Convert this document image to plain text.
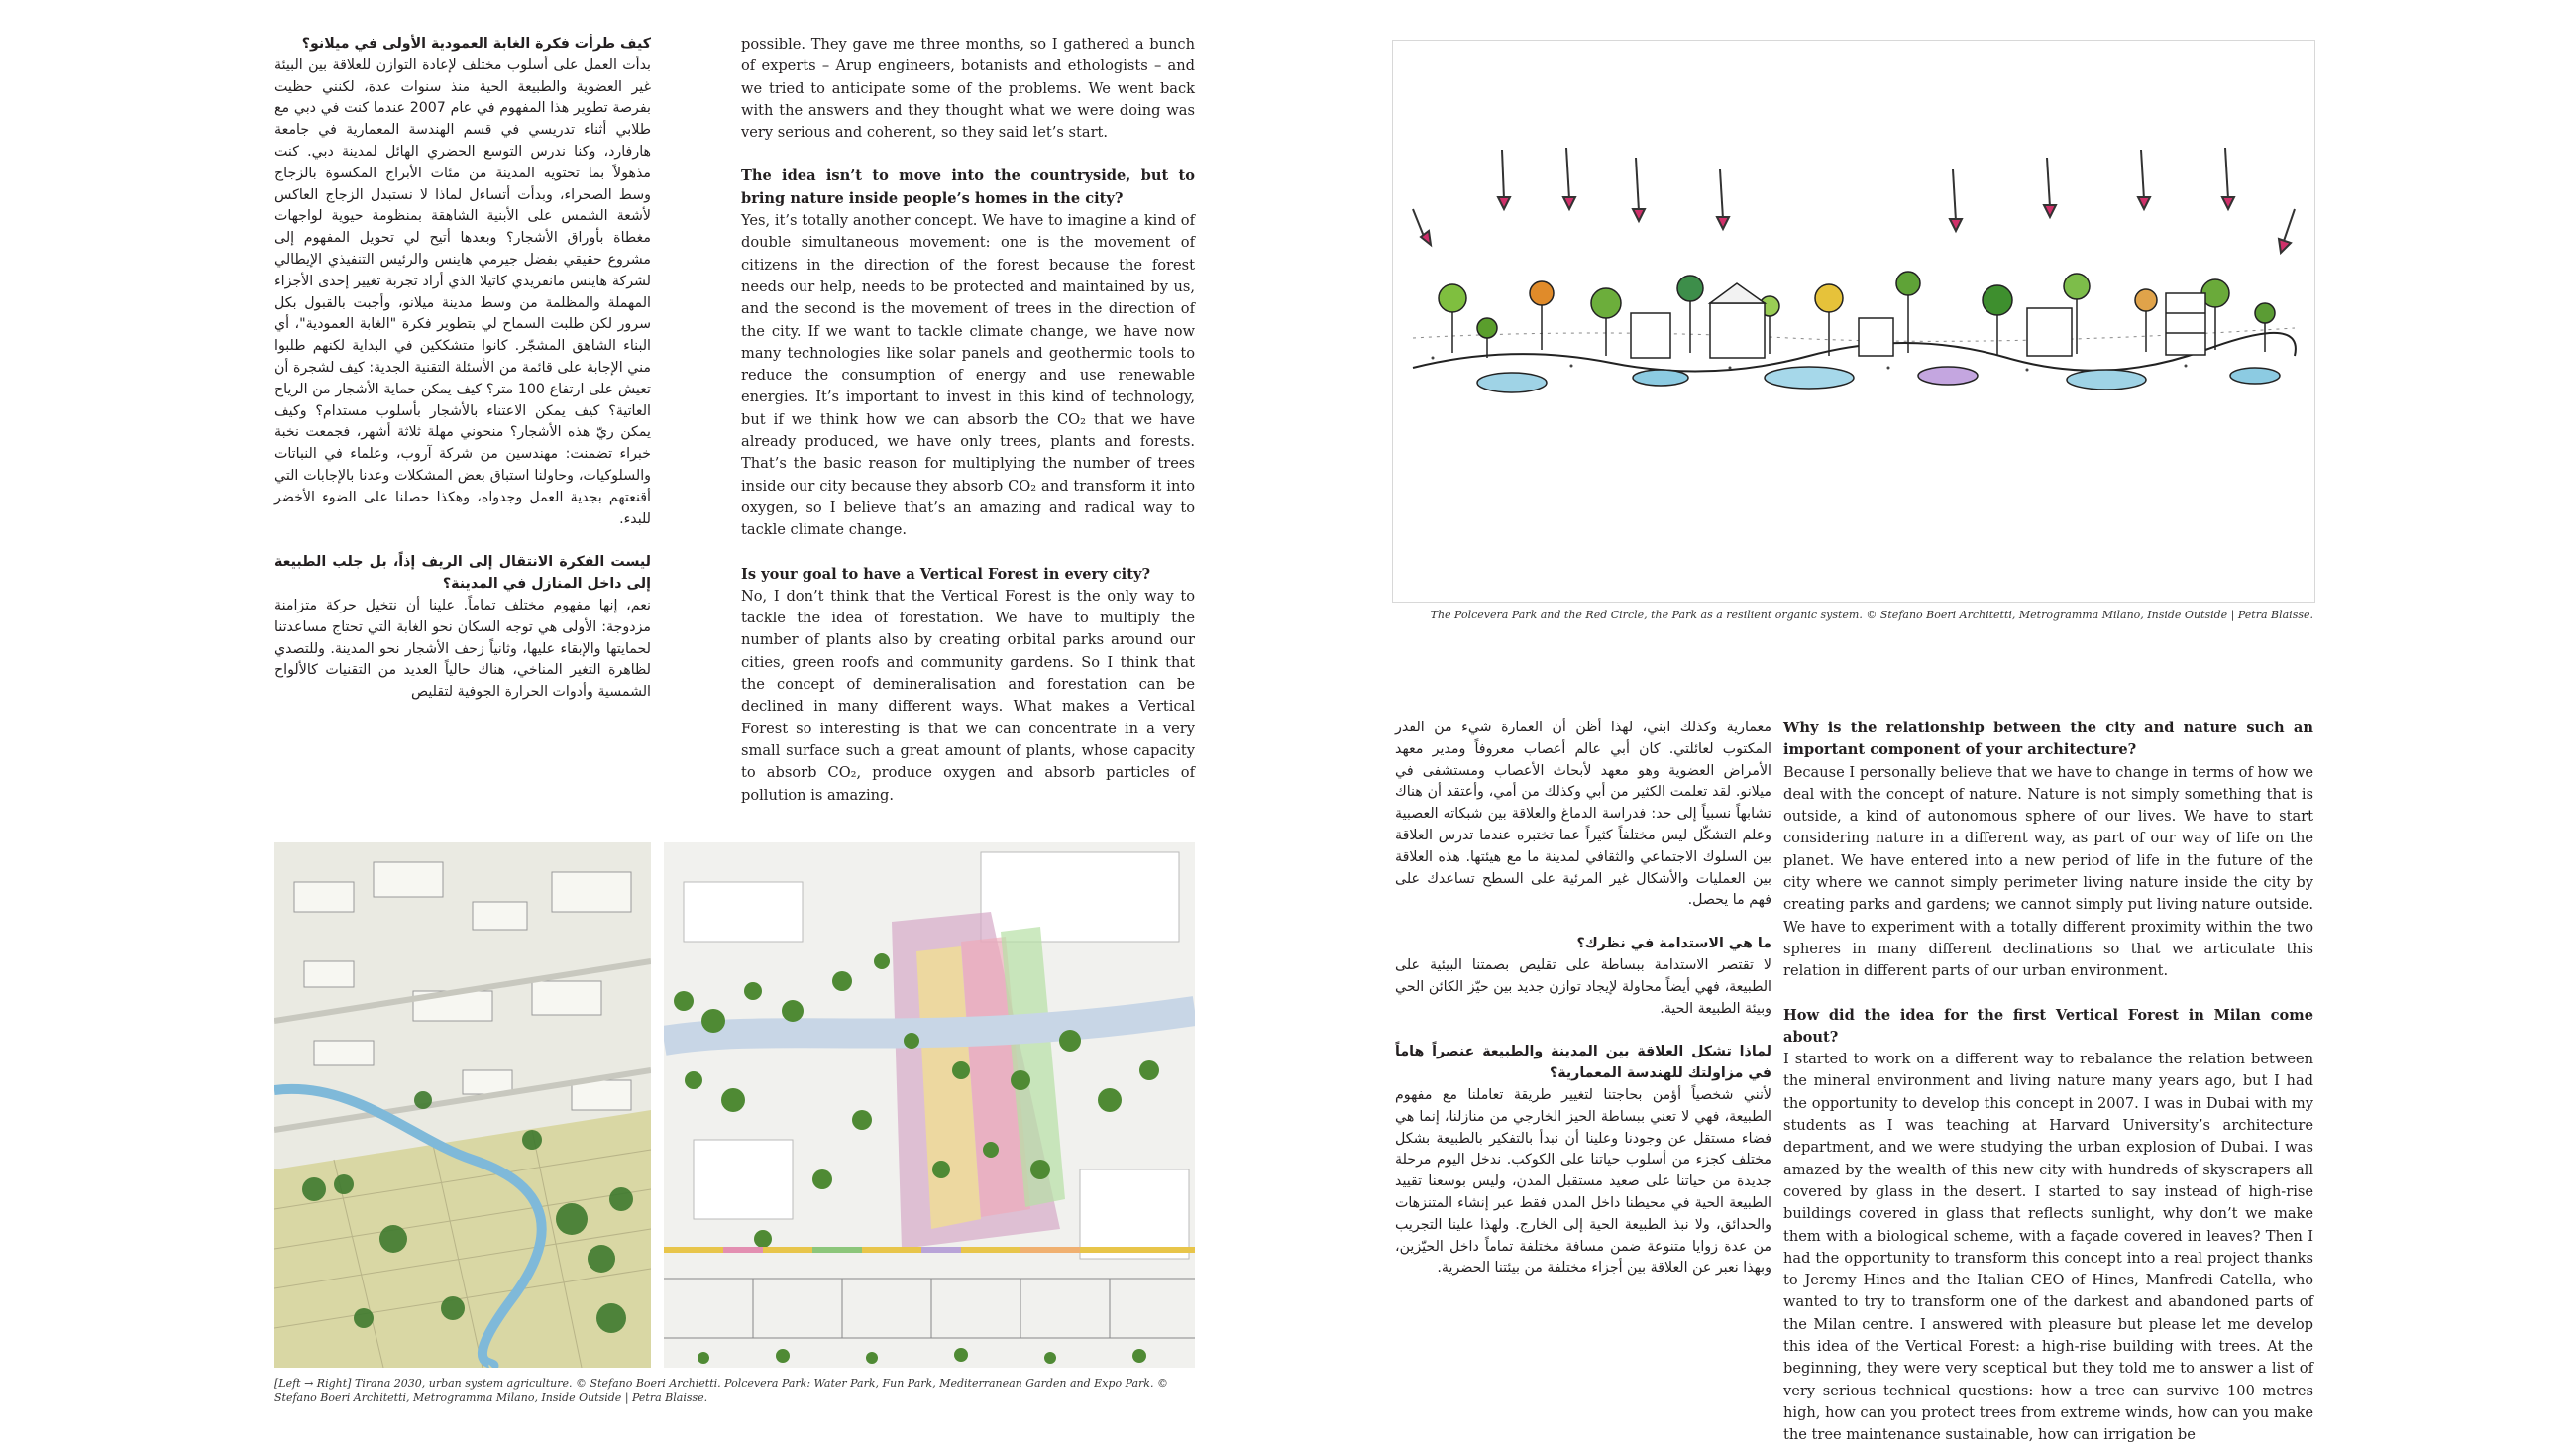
كيف طرأت فكرة الغابة العمودية الأولى في ميلانو؟

بدأت العمل على أسلوب مختلف لإعادة التوازن للعلاقة بين البيئة غير العضوية والطبيعة الحية منذ سنوات عدة، لكنني حظيت بفرصة تطوير هذا المفهوم في عام 2007 عندما كنت في دبي مع طلابي أثناء تدريسي في قسم الهندسة المعمارية في جامعة هارفارد، وكنا ندرس التوسع الحضري الهائل لمدينة دبي. كنت مذهولاً بما تحتويه المدينة من مئات الأبراج المكسوة بالزجاج وسط الصحراء، وبدأت أتساءل لماذا لا نستبدل الزجاج العاكس لأشعة الشمس على الأبنية الشاهقة بمنظومة حيوية لواجهات مغطاة بأوراق الأشجار؟ وبعدها أتيح لي تحويل المفهوم إلى مشروع حقيقي بفضل جيرمي هاينس والرئيس التنفيذي الإيطالي لشركة هاينس مانفريدي كاتيلا الذي أراد تجربة تغيير إحدى الأجزاء المهملة والمظلمة من وسط مدينة ميلانو، وأجبت بالقبول بكل سرور لكن طلبت السماح لي بتطوير فكرة "الغابة العمودية"، أي البناء الشاهق المشجّر. كانوا متشككين في البداية لكنهم طلبوا مني الإجابة على قائمة من الأسئلة التقنية الجدية: كيف لشجرة أن تعيش على ارتفاع 100 متر؟ كيف يمكن حماية الأشجار من الرياح العاتية؟ كيف يمكن الاعتناء بالأشجار بأسلوب مستدام؟ وكيف يمكن ريّ هذه الأشجار؟ منحوني مهلة ثلاثة أشهر، فجمعت نخبة خبراء تضمنت: مهندسين من شركة آروب، وعلماء في النباتات والسلوكيات، وحاولنا استباق بعض المشكلات وعدنا بالإجابات التي أقنعتهم بجدية العمل وجدواه، وهكذا حصلنا على الضوء الأخضر للبدء.

ليست الفكرة الانتقال إلى الريف إذاً، بل جلب الطبيعة إلى داخل المنازل في المدينة؟

نعم، إنها مفهوم مختلف تماماً. علينا أن نتخيل حركة متزامنة مزدوجة: الأولى هي توجه السكان نحو الغابة التي تحتاج مساعدتنا لحمايتها والإبقاء عليها، وثانياً زحف الأشجار نحو المدينة. وللتصدي لظاهرة التغير المناخي، هناك حالياً العديد من التقنيات كالألواح الشمسية وأدوات الحرارة الجوفية لتقليص

possible. They gave me three months, so I gathered a bunch of experts – Arup engineers, botanists and ethologists – and we tried to anticipate some of the problems. We went back with the answers and they thought what we were doing was very serious and coherent, so they said let’s start.

The idea isn’t to move into the countryside, but to bring nature inside people’s homes in the city?

Yes, it’s totally another concept. We have to imagine a kind of double simultaneous movement: one is the movement of citizens in the direction of the forest because the forest needs our help, needs to be protected and maintained by us, and the second is the movement of trees in the direction of the city. If we want to tackle climate change, we have now many technologies like solar panels and geothermic tools to reduce the consumption of energy and use renewable energies. It’s important to invest in this kind of technology, but if we think how we can absorb the CO₂ that we have already produced, we have only trees, plants and forests. That’s the basic reason for multiplying the number of trees inside our city because they absorb CO₂ and transform it into oxygen, so I believe that’s an amazing and radical way to tackle climate change.

Is your goal to have a Vertical Forest in every city?

No, I don’t think that the Vertical Forest is the only way to tackle the idea of forestation. We have to multiply the number of plants also by creating orbital parks around our cities, green roofs and community gardens. So I think that the concept of demineralisation and forestation can be declined in many different ways. What makes a Vertical Forest so interesting is that we can concentrate in a very small surface such a great amount of plants, whose capacity to absorb CO₂, produce oxygen and absorb particles of pollution is amazing.

The Polcevera Park and the Red Circle, the Park as a resilient organic system. © Stefano Boeri Architetti, Metrogramma Milano, Inside Outside | Petra Blaisse.
[Left → Right] Tirana 2030, urban system agriculture. © Stefano Boeri Archietti. Polcevera Park: Water Park, Fun Park, Mediterranean Garden and Expo Park. © Stefano Boeri Architetti, Metrogramma Milano, Inside Outside | Petra Blaisse.

معمارية وكذلك ابني، لهذا أظن أن العمارة شيء من القدر المكتوب لعائلتي. كان أبي عالم أعصاب معروفاً ومدير معهد الأمراض العضوية وهو معهد لأبحاث الأعصاب ومستشفى في ميلانو. لقد تعلمت الكثير من أبي وكذلك من أمي، وأعتقد أن هناك تشابهاً نسبياً إلى حد: فدراسة الدماغ والعلاقة بين شبكاته العصبية وعلم التشكّل ليس مختلفاً كثيراً عما تختبره عندما تدرس العلاقة بين السلوك الاجتماعي والثقافي لمدينة ما مع هيئتها. هذه العلاقة بين العمليات والأشكال غير المرئية على السطح تساعدك على فهم ما يحصل.

ما هي الاستدامة في نظرك؟

لا تقتصر الاستدامة ببساطة على تقليص بصمتنا البيئية على الطبيعة، فهي أيضاً محاولة لإيجاد توازن جديد بين حيّز الكائن الحي وبيئة الطبيعة الحية.

لماذا تشكل العلاقة بين المدينة والطبيعة عنصراً هاماً في مزاولتك للهندسة المعمارية؟

لأنني شخصياً أؤمن بحاجتنا لتغيير طريقة تعاملنا مع مفهوم الطبيعة، فهي لا تعني ببساطة الحيز الخارجي من منازلنا، إنما هي فضاء مستقل عن وجودنا وعلينا أن نبدأ بالتفكير بالطبيعة بشكل مختلف كجزء من أسلوب حياتنا على الكوكب. ندخل اليوم مرحلة جديدة من حياتنا على صعيد مستقبل المدن، وليس بوسعنا تقييد الطبيعة الحية في محيطنا داخل المدن فقط عبر إنشاء المتنزهات والحدائق، ولا نبذ الطبيعة الحية إلى الخارج. ولهذا علينا التجريب من عدة زوايا متنوعة ضمن مسافة مختلفة تماماً داخل الحيّزين، وبهذا نعبر عن العلاقة بين أجزاء مختلفة من بيئتنا الحضرية.

Why is the relationship between the city and nature such an important component of your architecture?

Because I personally believe that we have to change in terms of how we deal with the concept of nature. Nature is not simply something that is outside, a kind of autonomous sphere of our lives. We have to start considering nature in a different way, as part of our way of life on the planet. We have entered into a new period of life in the future of the city where we cannot simply perimeter living nature inside the city by creating parks and gardens; we cannot simply put living nature outside. We have to experiment with a totally different proximity within the two spheres in many different declinations so that we articulate this relation in different parts of our urban environment.

How did the idea for the first Vertical Forest in Milan come about?

I started to work on a different way to rebalance the relation between the mineral environment and living nature many years ago, but I had the opportunity to develop this concept in 2007. I was in Dubai with my students as I was teaching at Harvard University’s architecture department, and we were studying the urban explosion of Dubai. I was amazed by the wealth of this new city with hundreds of skyscrapers all covered by glass in the desert. I started to say instead of high-rise buildings covered in glass that reflects sunlight, why don’t we make them with a biological scheme, with a façade covered in leaves? Then I had the opportunity to transform this concept into a real project thanks to Jeremy Hines and the Italian CEO of Hines, Manfredi Catella, who wanted to try to transform one of the darkest and abandoned parts of the Milan centre. I answered with pleasure but please let me develop this idea of the Vertical Forest: a high-rise building with trees. At the beginning, they were very sceptical but they told me to answer a list of very serious technical questions: how a tree can survive 100 metres high, how can you protect trees from extreme winds, how can you make the tree maintenance sustainable, how can irrigation be
